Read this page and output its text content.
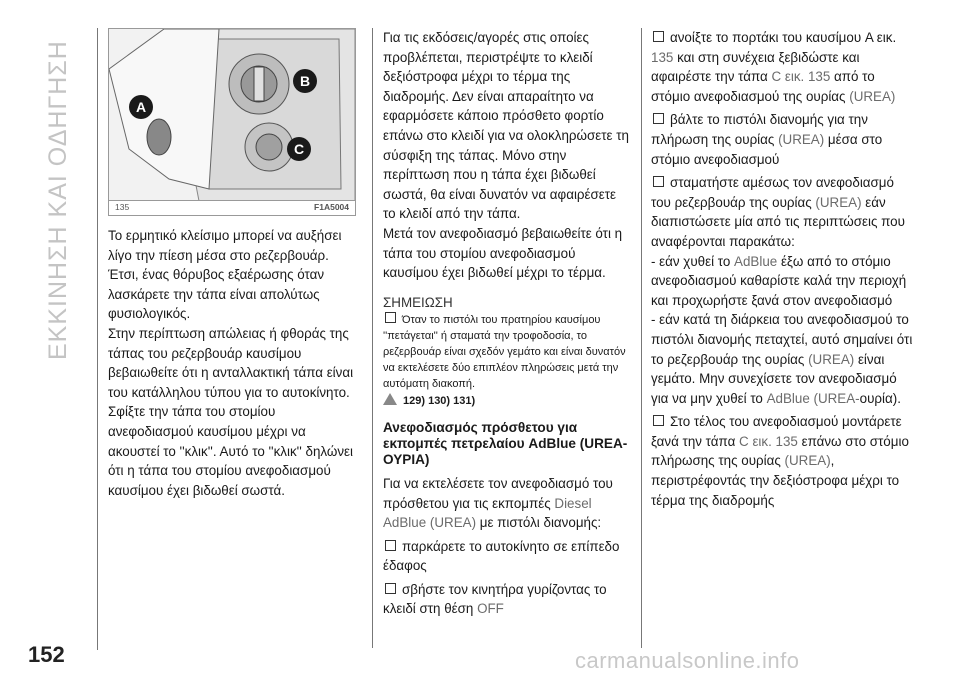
ΕΚΚΙΝΗΣΗ ΚΑΙ ΟΔΗΓΗΣΗ	A
B
C
135	F1A5004

Το ερμητικό κλείσιμο μπορεί να αυξήσει λίγο την πίεση μέσα στο ρεζερβουάρ. Έτσι, ένας θόρυβος εξαέρωσης όταν λασκάρετε την τάπα είναι απολύτως φυσιολογικός.

Στην περίπτωση απώλειας ή φθοράς της τάπας του ρεζερβουάρ καυσίμου βεβαιωθείτε ότι η ανταλλακτική τάπα είναι του κατάλληλου τύπου για το αυτοκίνητο.

Σφίξτε την τάπα του στομίου ανεφοδιασμού καυσίμου μέχρι να ακουστεί το ''κλικ''. Αυτό το ''κλικ'' δηλώνει ότι η τάπα του στομίου ανεφοδιασμού καυσίμου έχει βιδωθεί σωστά.

Για τις εκδόσεις/αγορές στις οποίες προβλέπεται, περιστρέψτε το κλειδί δεξιόστροφα μέχρι το τέρμα της διαδρομής. Δεν είναι απαραίτητο να εφαρμόσετε κάποιο πρόσθετο φορτίο επάνω στο κλειδί για να ολοκληρώσετε τη σύσφιξη της τάπας. Μόνο στην περίπτωση που η τάπα έχει βιδωθεί σωστά, θα είναι δυνατόν να αφαιρέσετε το κλειδί από την τάπα.

Μετά τον ανεφοδιασμό βεβαιωθείτε ότι η τάπα του στομίου ανεφοδιασμού καυσίμου έχει βιδωθεί μέχρι το τέρμα.

ΣΗΜΕΙΩΣΗ

Όταν το πιστόλι του πρατηρίου καυσίμου ''πετάγεται'' ή σταματά την τροφοδοσία, το ρεζερβουάρ είναι σχεδόν γεμάτο και είναι δυνατόν να εκτελέσετε δύο επιπλέον πληρώσεις μετά την αυτόματη διακοπή.

129) 130) 131)

Ανεφοδιασμός πρόσθετου για εκπομπές πετρελαίου AdBlue (UREA-ΟΥΡΙΑ)

Για να εκτελέσετε τον ανεφοδιασμό του πρόσθετου για τις εκπομπές Diesel AdBlue (UREA) με πιστόλι διανομής:

παρκάρετε το αυτοκίνητο σε επίπεδο έδαφος

σβήστε τον κινητήρα γυρίζοντας το κλειδί στη θέση OFF

ανοίξτε το πορτάκι του καυσίμου A εικ. 135 και στη συνέχεια ξεβιδώστε και αφαιρέστε την τάπα C εικ. 135 από το στόμιο ανεφοδιασμού της ουρίας (UREA)

βάλτε το πιστόλι διανομής για την πλήρωση της ουρίας (UREA) μέσα στο στόμιο ανεφοδιασμού

σταματήστε αμέσως τον ανεφοδιασμό του ρεζερβουάρ της ουρίας (UREA) εάν διαπιστώσετε μία από τις περιπτώσεις που αναφέρονται παρακάτω:

- εάν χυθεί το AdBlue έξω από το στόμιο ανεφοδιασμού καθαρίστε καλά την περιοχή και προχωρήστε ξανά στον ανεφοδιασμό

- εάν κατά τη διάρκεια του ανεφοδιασμού το πιστόλι διανομής πεταχτεί, αυτό σημαίνει ότι το ρεζερβουάρ της ουρίας (UREA) είναι γεμάτο. Μην συνεχίσετε τον ανεφοδιασμό για να μην χυθεί το AdBlue (UREA-ουρία).

Στο τέλος του ανεφοδιασμού μοντάρετε ξανά την τάπα C εικ. 135 επάνω στο στόμιο πλήρωσης της ουρίας (UREA), περιστρέφοντάς την δεξιόστροφα μέχρι το τέρμα της διαδρομής

152	carmanualsonline.info
